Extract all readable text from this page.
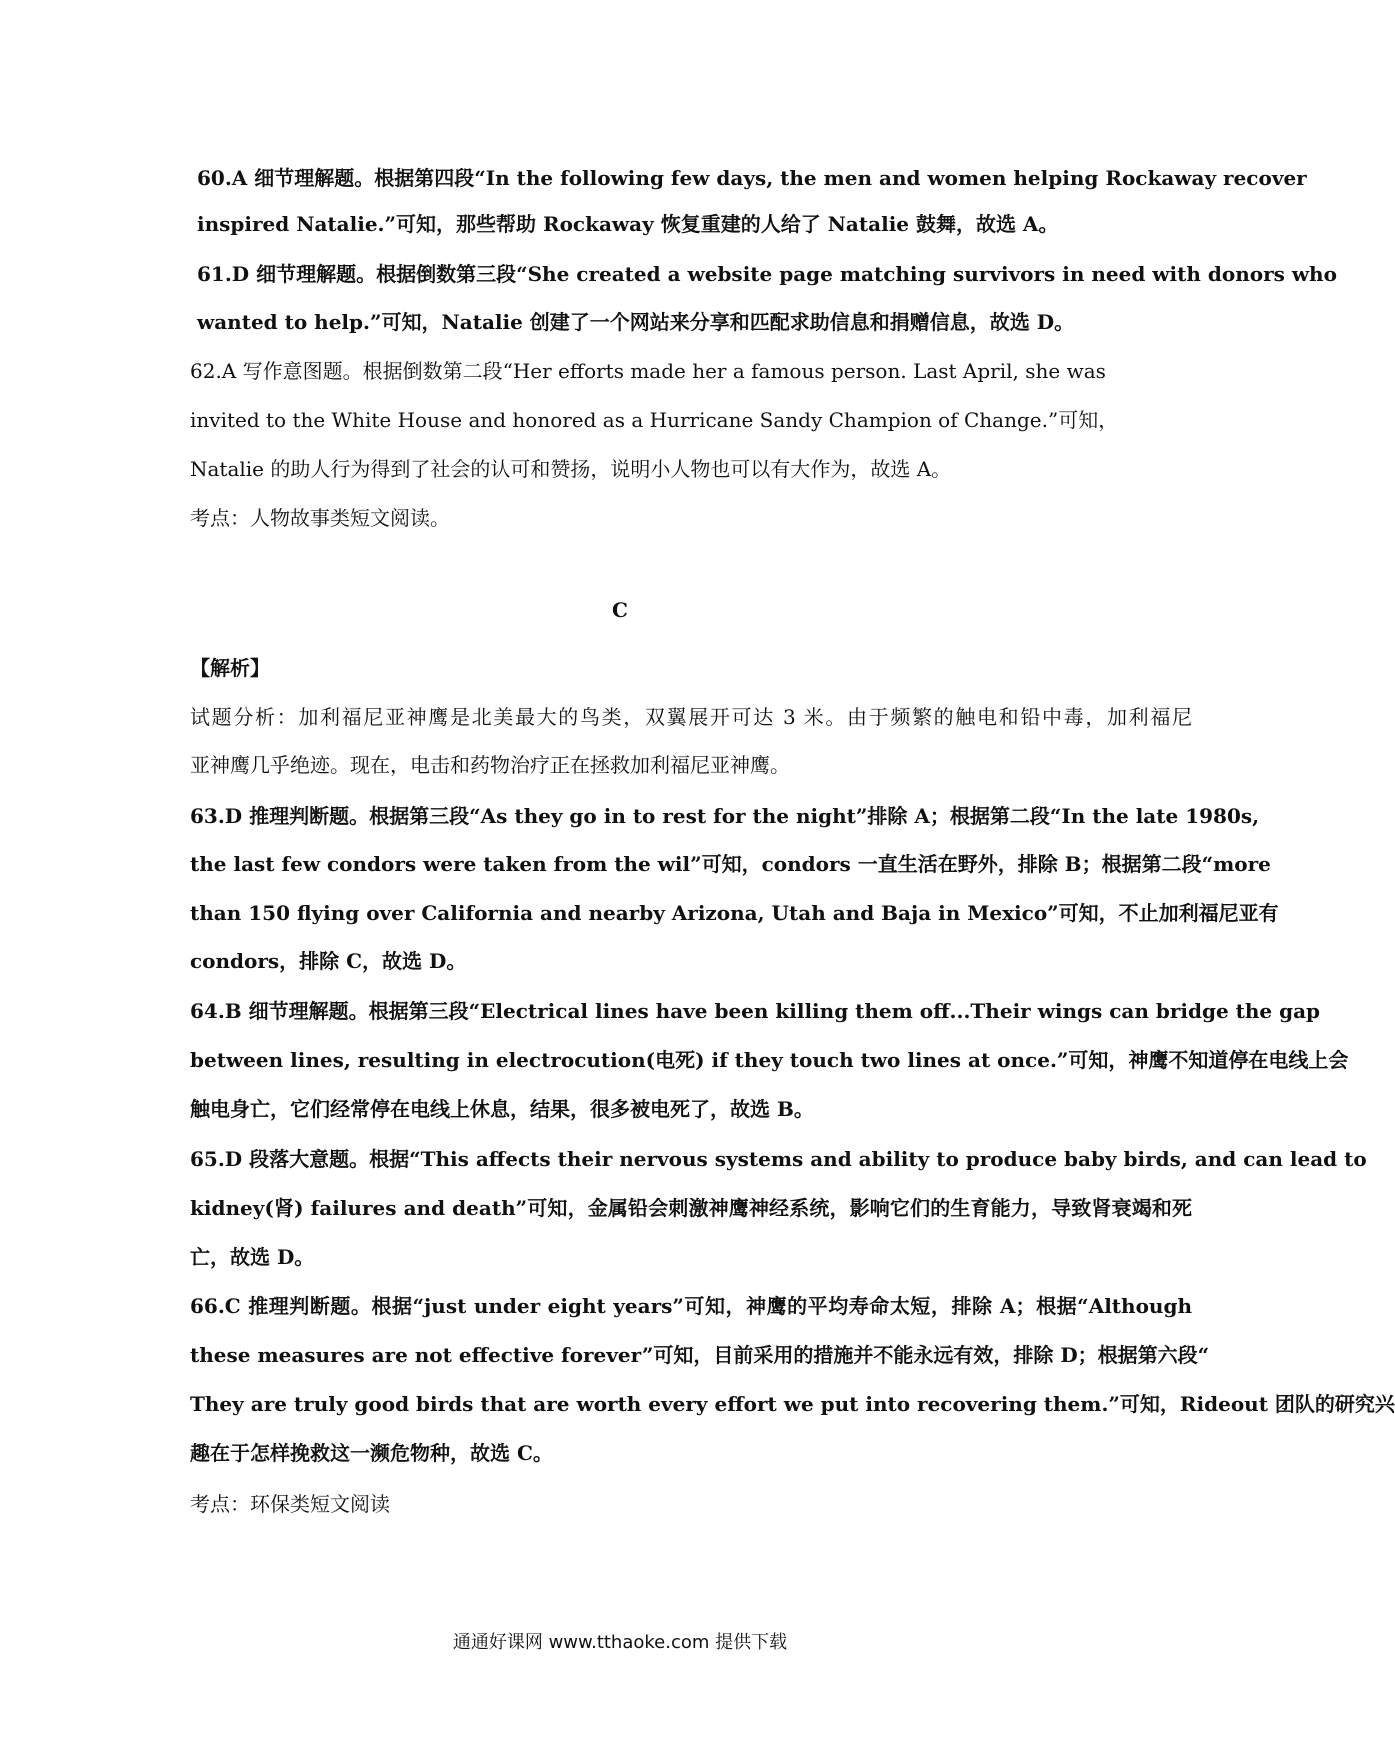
60.A 细节理解题。根据第四段“In the following few days, the men and women helping Rockaway recover
inspired Natalie.”可知，那些帮助 Rockaway 恢复重建的人给了 Natalie 鼓舞，故选 A。
61.D 细节理解题。根据倒数第三段“She created a website page matching survivors in need with donors who
wanted to help.”可知，Natalie 创建了一个网站来分享和匹配求助信息和捐赠信息，故选 D。
62.A 写作意图题。根据倒数第二段“Her efforts made her a famous person. Last April, she was
invited to the White House and honored as a Hurricane Sandy Champion of Change.”可知，
Natalie 的助人行为得到了社会的认可和赞扬，说明小人物也可以有大作为，故选 A。
考点：人物故事类短文阅读。
C
【解析】
试题分析：加利福尼亚神鹰是北美最大的鸟类，双翼展开可达 3 米。由于频繁的触电和铅中毒，加利福尼
亚神鹰几乎绝迹。现在，电击和药物治疗正在拯救加利福尼亚神鹰。
63.D 推理判断题。根据第三段“As they go in to rest for the night”排除 A；根据第二段“In the late 1980s,
the last few condors were taken from the wil”可知，condors 一直生活在野外，排除 B；根据第二段“more
than 150 flying over California and nearby Arizona, Utah and Baja in Mexico”可知，不止加利福尼亚有
condors，排除 C，故选 D。
64.B 细节理解题。根据第三段“Electrical lines have been killing them off...Their wings can bridge the gap
between lines, resulting in electrocution(电死) if they touch two lines at once.”可知，神鹰不知道停在电线上会
触电身亡，它们经常停在电线上休息，结果，很多被电死了，故选 B。
65.D 段落大意题。根据“This affects their nervous systems and ability to produce baby birds, and can lead to
kidney(肾) failures and death”可知，金属铅会刺激神鹰神经系统，影响它们的生育能力，导致肾衰竭和死
亡，故选 D。
66.C 推理判断题。根据“just under eight years”可知，神鹰的平均寿命太短，排除 A；根据“Although
these measures are not effective forever”可知，目前采用的措施并不能永远有效，排除 D；根据第六段“
They are truly good birds that are worth every effort we put into recovering them.”可知，Rideout 团队的研究兴
趣在于怎样挽救这一濒危物种，故选 C。
考点：环保类短文阅读
通通好课网 www.tthaoke.com 提供下载
